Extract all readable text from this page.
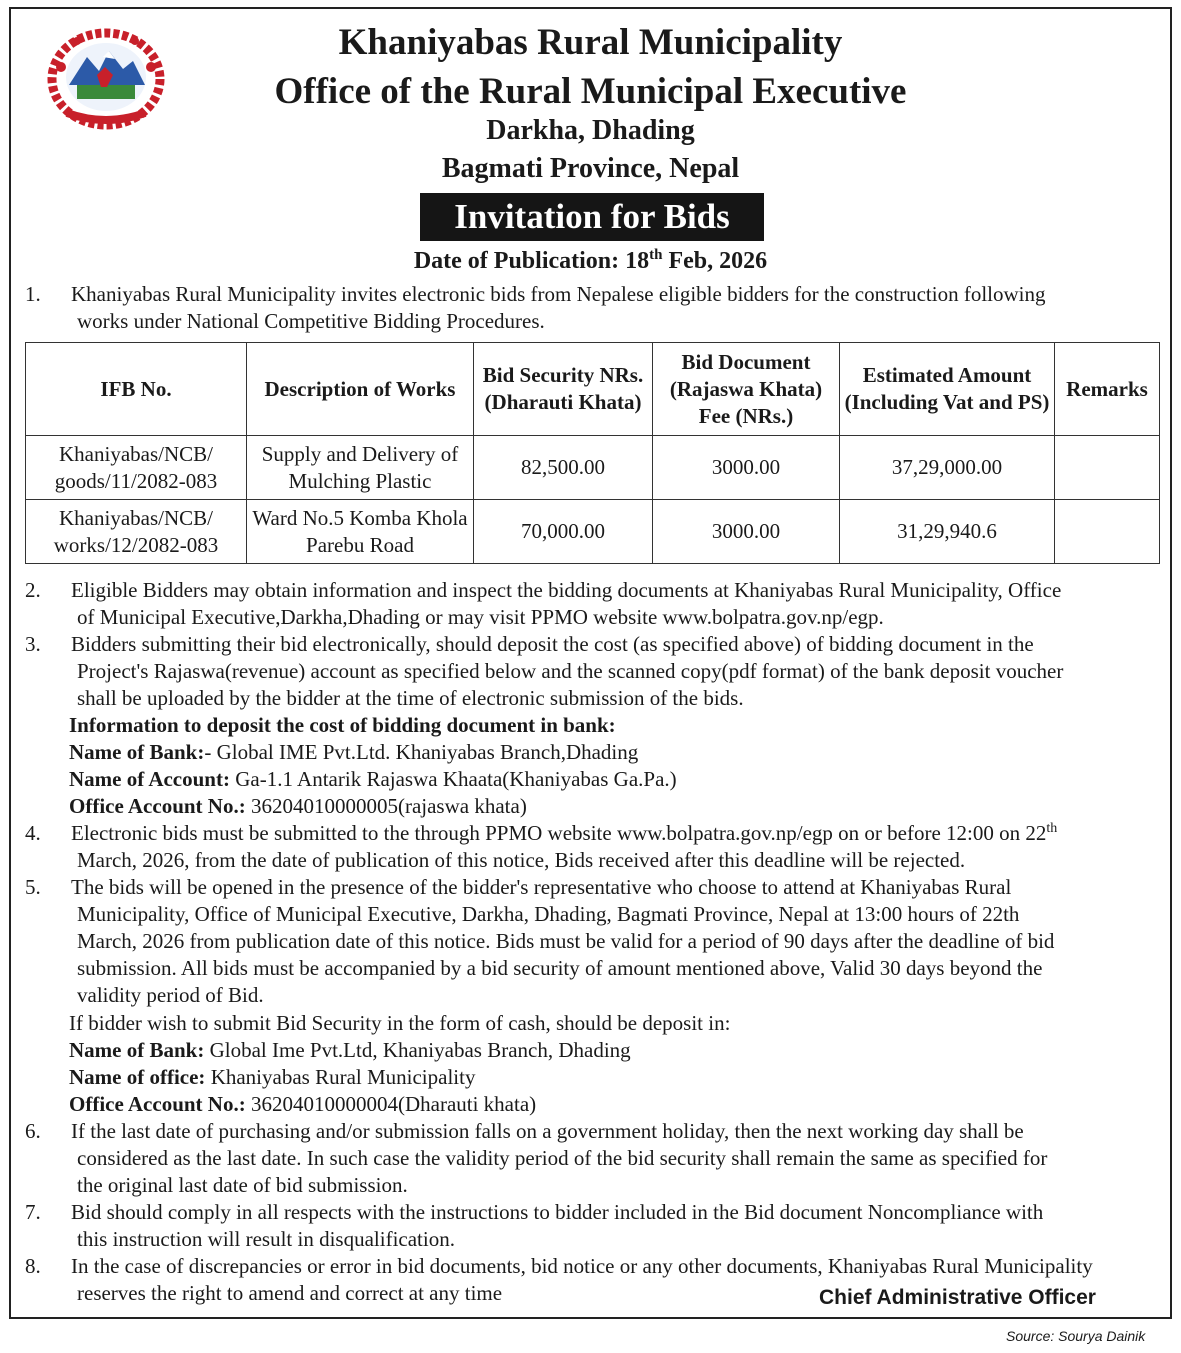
Khaniyabas Rural Municipality
Office of the Rural Municipal Executive
Darkha, Dhading
Bagmati Province, Nepal
Invitation for Bids
Date of Publication: 18th Feb, 2026
1.	Khaniyabas Rural Municipality invites electronic bids from Nepalese eligible bidders for the construction following
works under National Competitive Bidding Procedures.
IFB No.	Description of Works	Bid Security NRs. (Dharauti Khata)	Bid Document (Rajaswa Khata) Fee (NRs.)	Estimated Amount (Including Vat and PS)	Remarks
Khaniyabas/NCB/ goods/11/2082-083	Supply and Delivery of Mulching Plastic	82,500.00	3000.00	37,29,000.00	
Khaniyabas/NCB/ works/12/2082-083	Ward No.5 Komba Khola Parebu Road	70,000.00	3000.00	31,29,940.6	
2.	Eligible Bidders may obtain information and inspect the bidding documents at Khaniyabas Rural Municipality, Office
of Municipal Executive,Darkha,Dhading or may visit PPMO website www.bolpatra.gov.np/egp.
3.	Bidders submitting their bid electronically, should deposit the cost (as specified above) of bidding document in the
Project's Rajaswa(revenue) account as specified below and the scanned copy(pdf format) of the bank deposit voucher
shall be uploaded by the bidder at the time of electronic submission of the bids.
Information to deposit the cost of bidding document in bank:
Name of Bank:- Global IME Pvt.Ltd. Khaniyabas Branch,Dhading
Name of Account: Ga-1.1 Antarik Rajaswa Khaata(Khaniyabas Ga.Pa.)
Office Account No.: 36204010000005(rajaswa khata)
4.	Electronic bids must be submitted to the through PPMO website www.bolpatra.gov.np/egp on or before 12:00 on 22th
March, 2026, from the date of publication of this notice, Bids received after this deadline will be rejected.
5.	The bids will be opened in the presence of the bidder's representative who choose to attend at Khaniyabas Rural
Municipality, Office of Municipal Executive, Darkha, Dhading, Bagmati Province, Nepal at 13:00 hours of 22th
March, 2026 from publication date of this notice. Bids must be valid for a period of 90 days after the deadline of bid
submission. All bids must be accompanied by a bid security of amount mentioned above, Valid 30 days beyond the
validity period of Bid.
If bidder wish to submit Bid Security in the form of cash, should be deposit in:
Name of Bank: Global Ime Pvt.Ltd, Khaniyabas Branch, Dhading
Name of office: Khaniyabas Rural Municipality
Office Account No.: 36204010000004(Dharauti khata)
6.	If the last date of purchasing and/or submission falls on a government holiday, then the next working day shall be
considered as the last date. In such case the validity period of the bid security shall remain the same as specified for
the original last date of bid submission.
7.	Bid should comply in all respects with the instructions to bidder included in the Bid document Noncompliance with
this instruction will result in disqualification.
8.	In the case of discrepancies or error in bid documents, bid notice or any other documents, Khaniyabas Rural Municipality
reserves the right to amend and correct at any time	Chief Administrative Officer
Source: Sourya Dainik
